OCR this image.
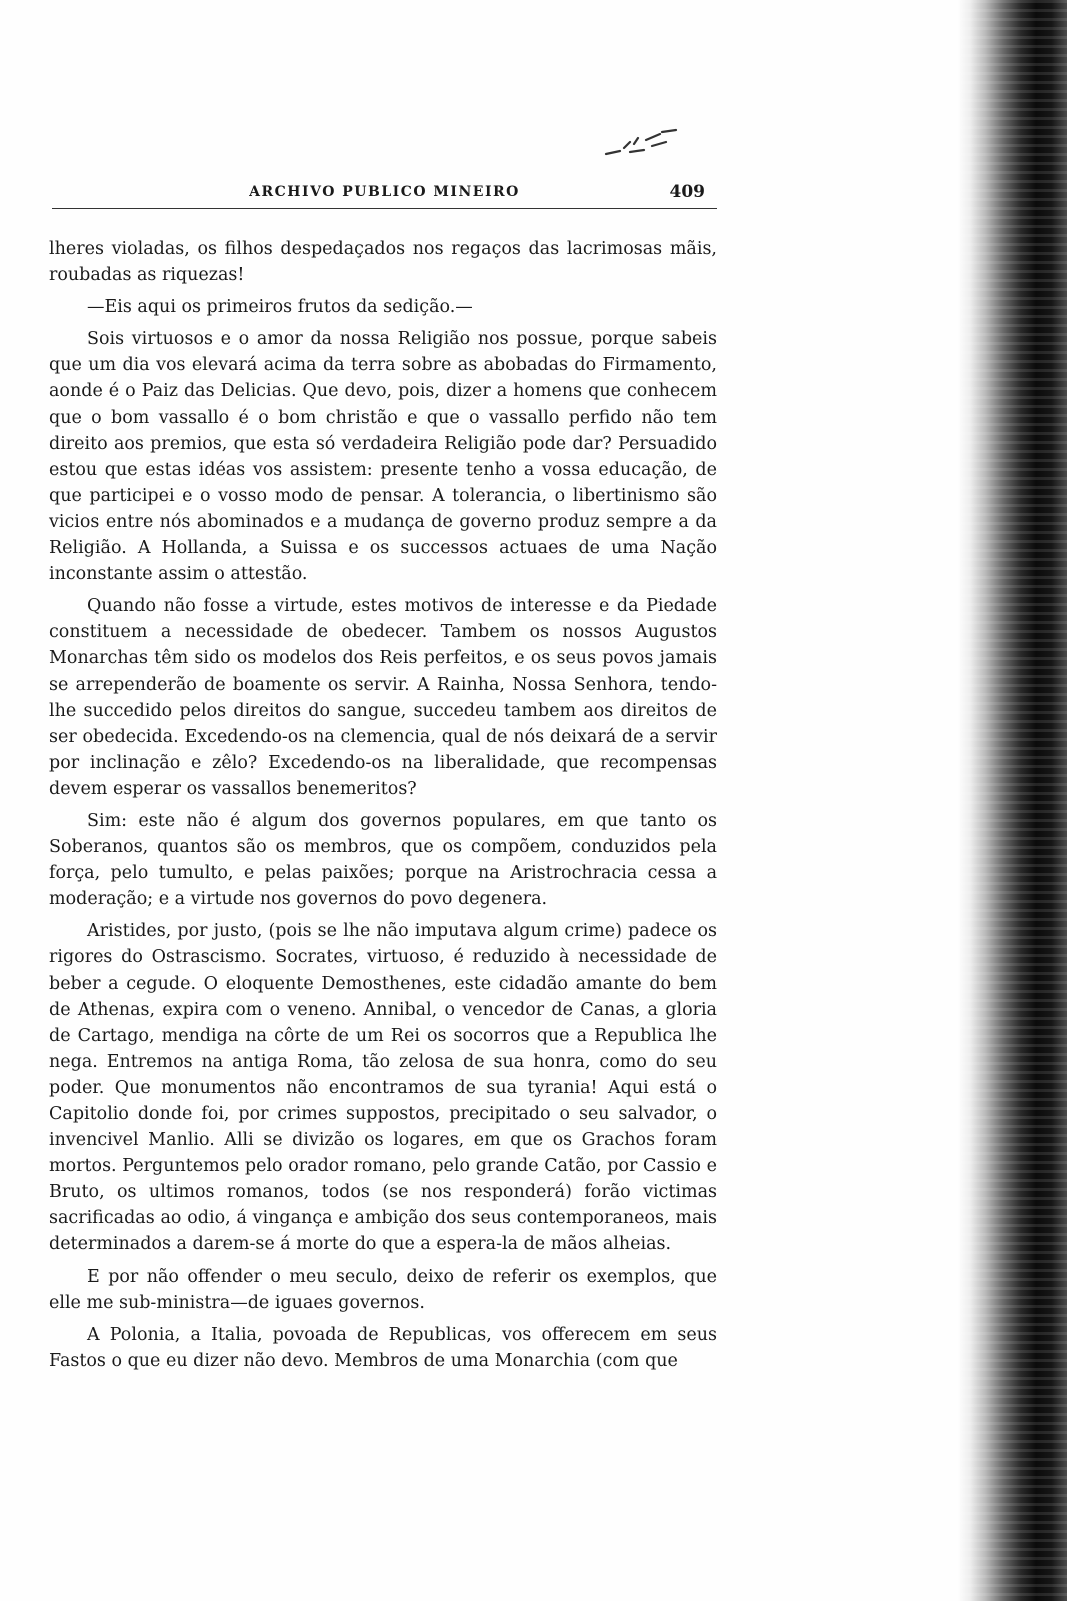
ARCHIVO PUBLICO MINEIRO	409

lheres violadas, os filhos despedaçados nos regaços das lacrimosas mãis, roubadas as riquezas!

—Eis aqui os primeiros frutos da sedição.—

Sois virtuosos e o amor da nossa Religião nos possue, porque sabeis que um dia vos elevará acima da terra sobre as abobadas do Firmamento, aonde é o Paiz das Delicias. Que devo, pois, dizer a homens que conhecem que o bom vassallo é o bom christão e que o vassallo perfido não tem direito aos premios, que esta só verdadeira Religião pode dar? Persuadido estou que estas idéas vos assistem: presente tenho a vossa educação, de que participei e o vosso modo de pensar. A tolerancia, o libertinismo são vicios entre nós abominados e a mudança de governo produz sempre a da Religião. A Hollanda, a Suissa e os successos actuaes de uma Nação inconstante assim o attestão.

Quando não fosse a virtude, estes motivos de interesse e da Piedade constituem a necessidade de obedecer. Tambem os nossos Augustos Monarchas têm sido os modelos dos Reis perfeitos, e os seus povos jamais se arrependerão de boamente os servir. A Rainha, Nossa Senhora, tendo-lhe succedido pelos direitos do sangue, succedeu tambem aos direitos de ser obedecida. Excedendo-os na clemencia, qual de nós deixará de a servir por inclinação e zêlo? Excedendo-os na liberalidade, que recompensas devem esperar os vassallos benemeritos?

Sim: este não é algum dos governos populares, em que tanto os Soberanos, quantos são os membros, que os compõem, conduzidos pela força, pelo tumulto, e pelas paixões; porque na Aristrochracia cessa a moderação; e a virtude nos governos do povo degenera.

Aristides, por justo, (pois se lhe não imputava algum crime) padece os rigores do Ostrascismo. Socrates, virtuoso, é reduzido à necessidade de beber a cegude. O eloquente Demosthenes, este cidadão amante do bem de Athenas, expira com o veneno. Annibal, o vencedor de Canas, a gloria de Cartago, mendiga na côrte de um Rei os socorros que a Republica lhe nega. Entremos na antiga Roma, tão zelosa de sua honra, como do seu poder. Que monumentos não encontramos de sua tyrania! Aqui está o Capitolio donde foi, por crimes suppostos, precipitado o seu salvador, o invencivel Manlio. Alli se divizão os logares, em que os Grachos foram mortos. Perguntemos pelo orador romano, pelo grande Catão, por Cassio e Bruto, os ultimos romanos, todos (se nos responderá) forão victimas sacrificadas ao odio, á vingança e ambição dos seus contemporaneos, mais determinados a darem-se á morte do que a espera-la de mãos alheias.

E por não offender o meu seculo, deixo de referir os exemplos, que elle me sub-ministra—de iguaes governos.

A Polonia, a Italia, povoada de Republicas, vos offerecem em seus Fastos o que eu dizer não devo. Membros de uma Monarchia (com que
